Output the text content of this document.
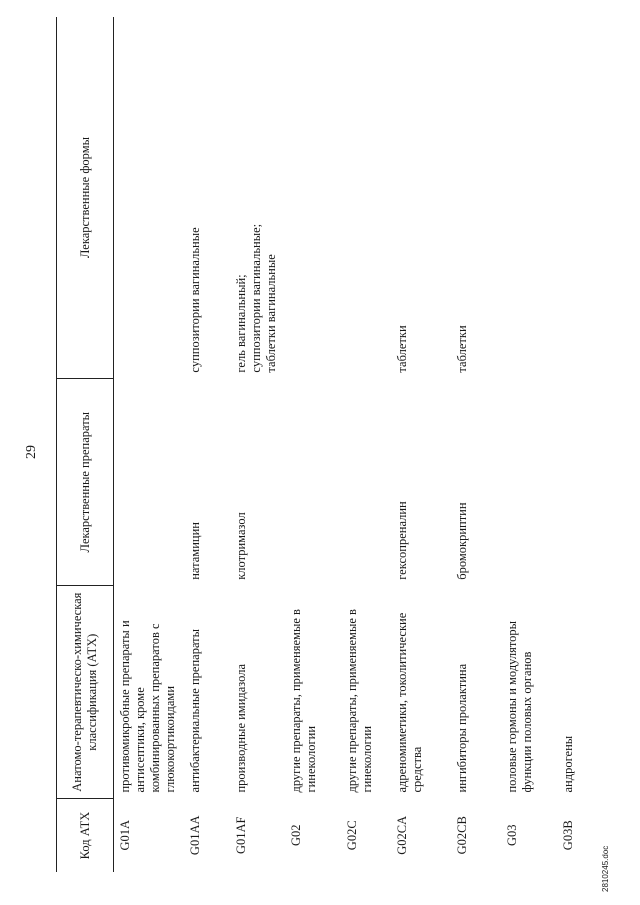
29
Код АТХ	Анатомо-терапевтическо-химическая классификация (АТХ)	Лекарственные препараты	Лекарственные формы
G01A	противомикробные препараты и антисептики, кроме комбинированных препаратов с глюкокортикоидами		
G01AA	антибактериальные препараты	натамицин	суппозитории вагинальные

G01AF	производные имидазола	клотримазол	гель вагинальный; суппозитории вагинальные; таблетки вагинальные

G02	другие препараты, применяемые в гинекологии		
G02C	другие препараты, применяемые в гинекологии		
G02CA	адреномиметики, токолитические средства	гексопреналин	таблетки

G02CB	ингибиторы пролактина	бромокриптин	таблетки

G03	половые гормоны и модуляторы функции половых органов		
G03B	андрогены		
2810245.doc
